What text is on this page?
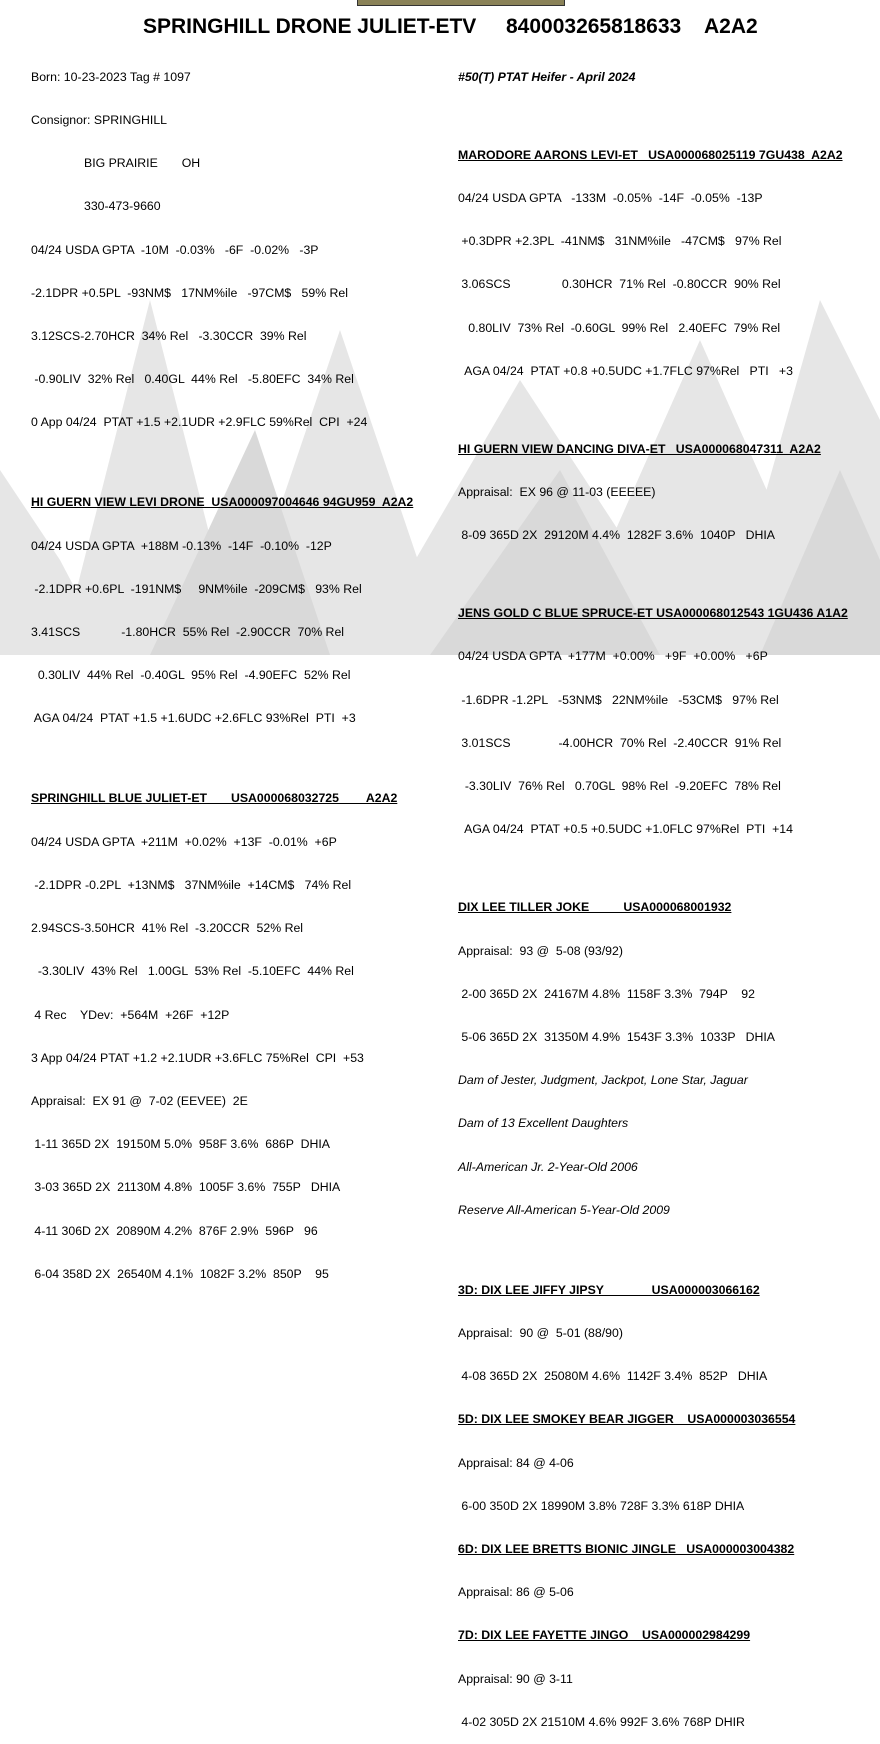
SPRINGHILL DRONE JULIET-ETV 840003265818633 A2A2

Born: 10-23-2023 Tag # 1097

Consignor: SPRINGHILL

BIG PRAIRIE       OH

330-473-9660

04/24 USDA GPTA  -10M  -0.03%   -6F  -0.02%   -3P

-2.1DPR +0.5PL  -93NM$   17NM%ile   -97CM$   59% Rel

3.12SCS-2.70HCR  34% Rel   -3.30CCR  39% Rel

-0.90LIV  32% Rel   0.40GL  44% Rel   -5.80EFC  34% Rel

0 App 04/24  PTAT +1.5 +2.1UDR +2.9FLC 59%Rel  CPI  +24

HI GUERN VIEW LEVI DRONE  USA000097004646 94GU959  A2A2

04/24 USDA GPTA  +188M -0.13%  -14F  -0.10%  -12P

-2.1DPR +0.6PL  -191NM$     9NM%ile  -209CM$   93% Rel

3.41SCS            -1.80HCR  55% Rel  -2.90CCR  70% Rel

0.30LIV  44% Rel  -0.40GL  95% Rel  -4.90EFC  52% Rel

AGA 04/24  PTAT +1.5 +1.6UDC +2.6FLC 93%Rel  PTI  +3

SPRINGHILL BLUE JULIET-ET       USA000068032725        A2A2

04/24 USDA GPTA  +211M  +0.02%  +13F  -0.01%  +6P

-2.1DPR -0.2PL  +13NM$   37NM%ile  +14CM$   74% Rel

2.94SCS-3.50HCR  41% Rel  -3.20CCR  52% Rel

-3.30LIV  43% Rel   1.00GL  53% Rel  -5.10EFC  44% Rel

4 Rec    YDev:  +564M  +26F  +12P

3 App 04/24 PTAT +1.2 +2.1UDR +3.6FLC 75%Rel  CPI  +53

Appraisal:  EX 91 @  7-02 (EEVEE)  2E

1-11 365D 2X  19150M 5.0%  958F 3.6%  686P  DHIA

3-03 365D 2X  21130M 4.8%  1005F 3.6%  755P   DHIA

4-11 306D 2X  20890M 4.2%  876F 2.9%  596P   96

6-04 358D 2X  26540M 4.1%  1082F 3.2%  850P    95

#50(T) PTAT Heifer - April 2024

MARODORE AARONS LEVI-ET   USA000068025119 7GU438  A2A2

04/24 USDA GPTA   -133M  -0.05%  -14F  -0.05%  -13P

+0.3DPR +2.3PL  -41NM$   31NM%ile   -47CM$   97% Rel

3.06SCS               0.30HCR  71% Rel  -0.80CCR  90% Rel

0.80LIV  73% Rel  -0.60GL  99% Rel   2.40EFC  79% Rel

AGA 04/24  PTAT +0.8 +0.5UDC +1.7FLC 97%Rel   PTI   +3

HI GUERN VIEW DANCING DIVA-ET   USA000068047311  A2A2

Appraisal:  EX 96 @ 11-03 (EEEEE)

8-09 365D 2X  29120M 4.4%  1282F 3.6%  1040P   DHIA

JENS GOLD C BLUE SPRUCE-ET USA000068012543 1GU436 A1A2

04/24 USDA GPTA  +177M  +0.00%   +9F  +0.00%   +6P

-1.6DPR -1.2PL   -53NM$   22NM%ile   -53CM$   97% Rel

3.01SCS              -4.00HCR  70% Rel  -2.40CCR  91% Rel

-3.30LIV  76% Rel   0.70GL  98% Rel  -9.20EFC  78% Rel

AGA 04/24  PTAT +0.5 +0.5UDC +1.0FLC 97%Rel  PTI  +14

DIX LEE TILLER JOKE          USA000068001932

Appraisal:  93 @  5-08 (93/92)

2-00 365D 2X  24167M 4.8%  1158F 3.3%  794P    92

5-06 365D 2X  31350M 4.9%  1543F 3.3%  1033P   DHIA

Dam of Jester, Judgment, Jackpot, Lone Star, Jaguar

Dam of 13 Excellent Daughters

All-American Jr. 2-Year-Old 2006

Reserve All-American 5-Year-Old 2009

3D: DIX LEE JIFFY JIPSY              USA000003066162

Appraisal:  90 @  5-01 (88/90)

4-08 365D 2X  25080M 4.6%  1142F 3.4%  852P   DHIA

5D: DIX LEE SMOKEY BEAR JIGGER    USA000003036554

Appraisal: 84 @ 4-06

6-00 350D 2X 18990M 3.8% 728F 3.3% 618P DHIA

6D: DIX LEE BRETTS BIONIC JINGLE   USA000003004382

Appraisal: 86 @ 5-06

7D: DIX LEE FAYETTE JINGO    USA000002984299

Appraisal: 90 @ 3-11

4-02 305D 2X 21510M 4.6% 992F 3.6% 768P DHIR
